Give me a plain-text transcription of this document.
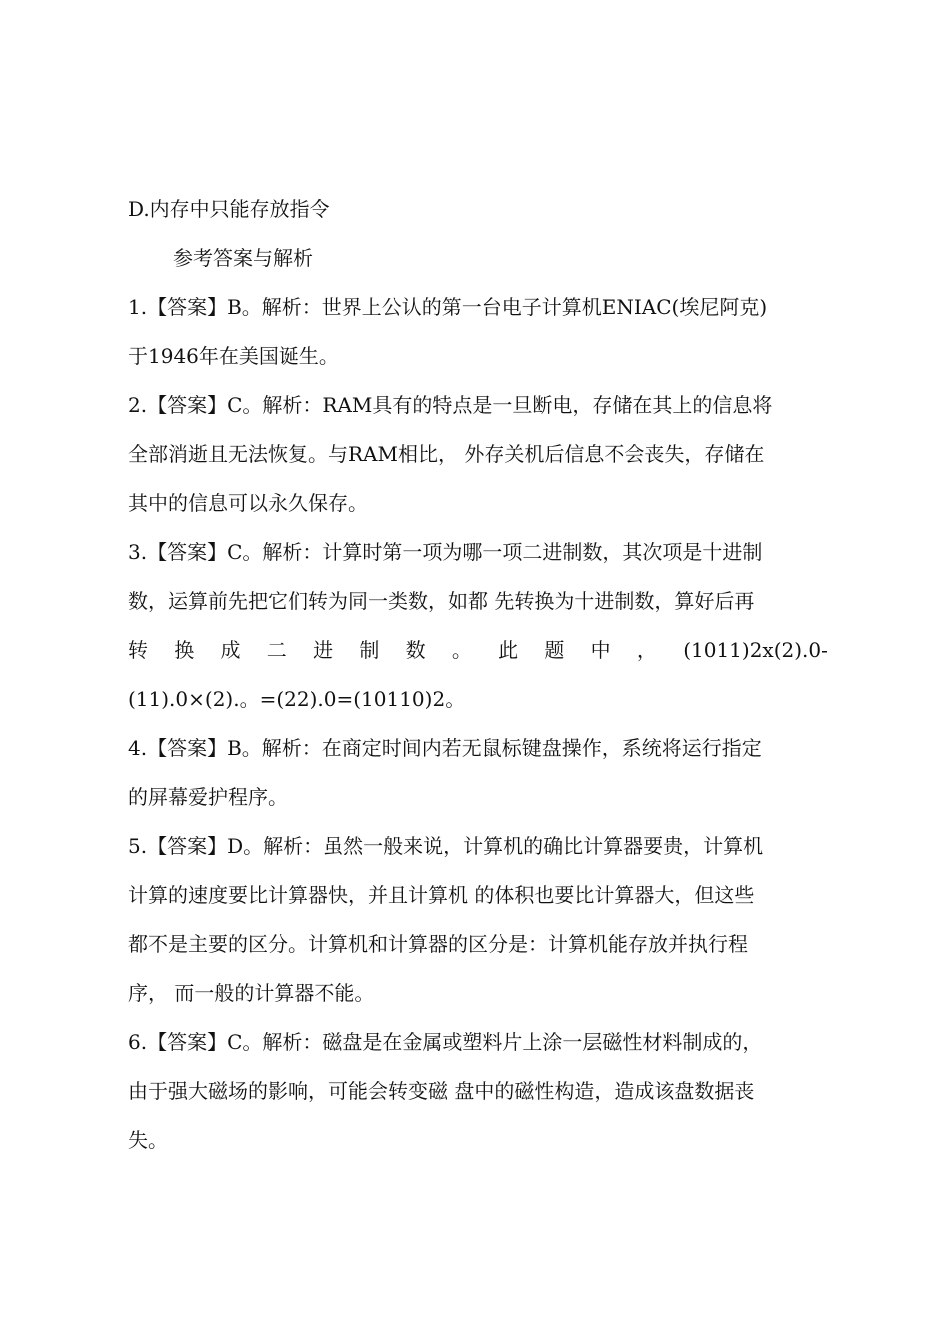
D.内存中只能存放指令
参考答案与解析
1.【答案】B。解析：世界上公认的第一台电子计算机ENIAC(埃尼阿克)
于1946年在美国诞生。
2.【答案】C。解析：RAM具有的特点是一旦断电，存储在其上的信息将
全部消逝且无法恢复。与RAM相比， 外存关机后信息不会丧失，存储在
其中的信息可以永久保存。
3.【答案】C。解析：计算时第一项为哪一项二进制数，其次项是十进制
数，运算前先把它们转为同一类数，如都 先转换为十进制数，算好后再
转 换 成 二 进 制 数 。 此 题 中 ， (1011)2x(2).0-
(11).0×(2).。=(22).0=(10110)2。
4.【答案】B。解析：在商定时间内若无鼠标键盘操作，系统将运行指定
的屏幕爱护程序。
5.【答案】D。解析：虽然一般来说，计算机的确比计算器要贵，计算机
计算的速度要比计算器快，并且计算机 的体积也要比计算器大，但这些
都不是主要的区分。计算机和计算器的区分是：计算机能存放并执行程
序， 而一般的计算器不能。
6.【答案】C。解析：磁盘是在金属或塑料片上涂一层磁性材料制成的，
由于强大磁场的影响，可能会转变磁 盘中的磁性构造，造成该盘数据丧
失。
